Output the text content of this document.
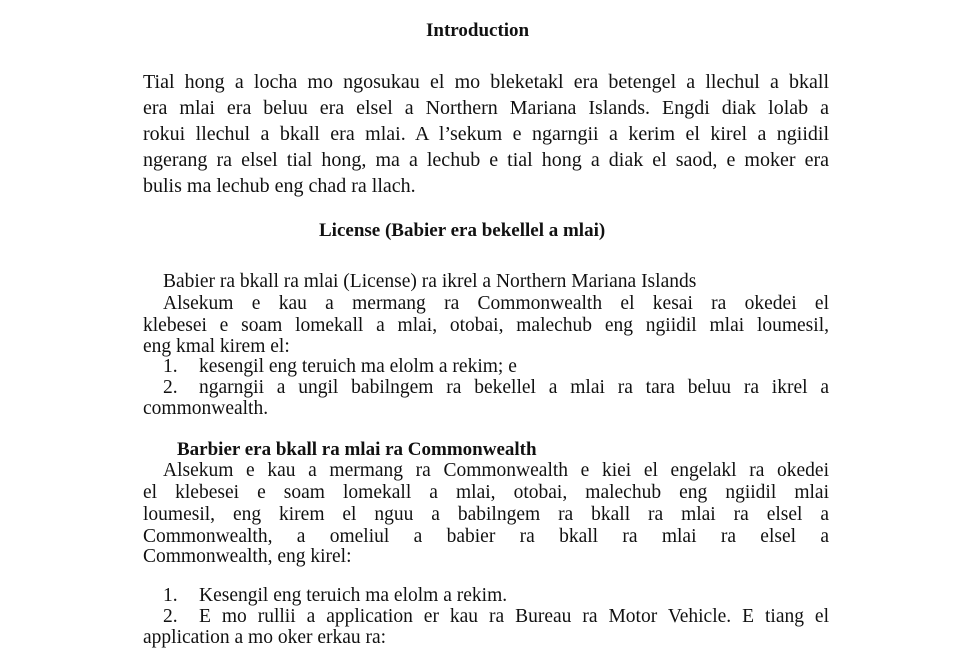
Introduction
Tial hong a locha mo ngosukau el mo bleketakl era betengel a llechul a bkall
era mlai era beluu era elsel a Northern Mariana Islands. Engdi diak lolab a
rokui llechul a bkall era mlai. A l’sekum e ngarngii a kerim el kirel a ngiidil
ngerang ra elsel tial hong, ma a lechub e tial hong a diak el saod, e moker era
bulis ma lechub eng chad ra llach.
License (Babier era bekellel a mlai)
Babier ra bkall ra mlai (License) ra ikrel a Northern Mariana Islands
Alsekum e kau a mermang ra Commonwealth el kesai ra okedei el
klebesei e soam lomekall a mlai, otobai, malechub eng ngiidil mlai loumesil,
eng kmal kirem el:
1. kesengil eng teruich ma elolm a rekim; e
2. ngarngii a ungil babilngem ra bekellel a mlai ra tara beluu ra ikrel a
commonwealth.
Barbier era bkall ra mlai ra Commonwealth
Alsekum e kau a mermang ra Commonwealth e kiei el engelakl ra okedei
el klebesei e soam lomekall a mlai, otobai, malechub eng ngiidil mlai
loumesil, eng kirem el nguu a babilngem ra bkall ra mlai ra elsel a
Commonwealth, a omeliul a babier ra bkall ra mlai ra elsel a
Commonwealth, eng kirel:
1. Kesengil eng teruich ma elolm a rekim.
2. E mo rullii a application er kau ra Bureau ra Motor Vehicle. E tiang el
application a mo oker erkau ra:
